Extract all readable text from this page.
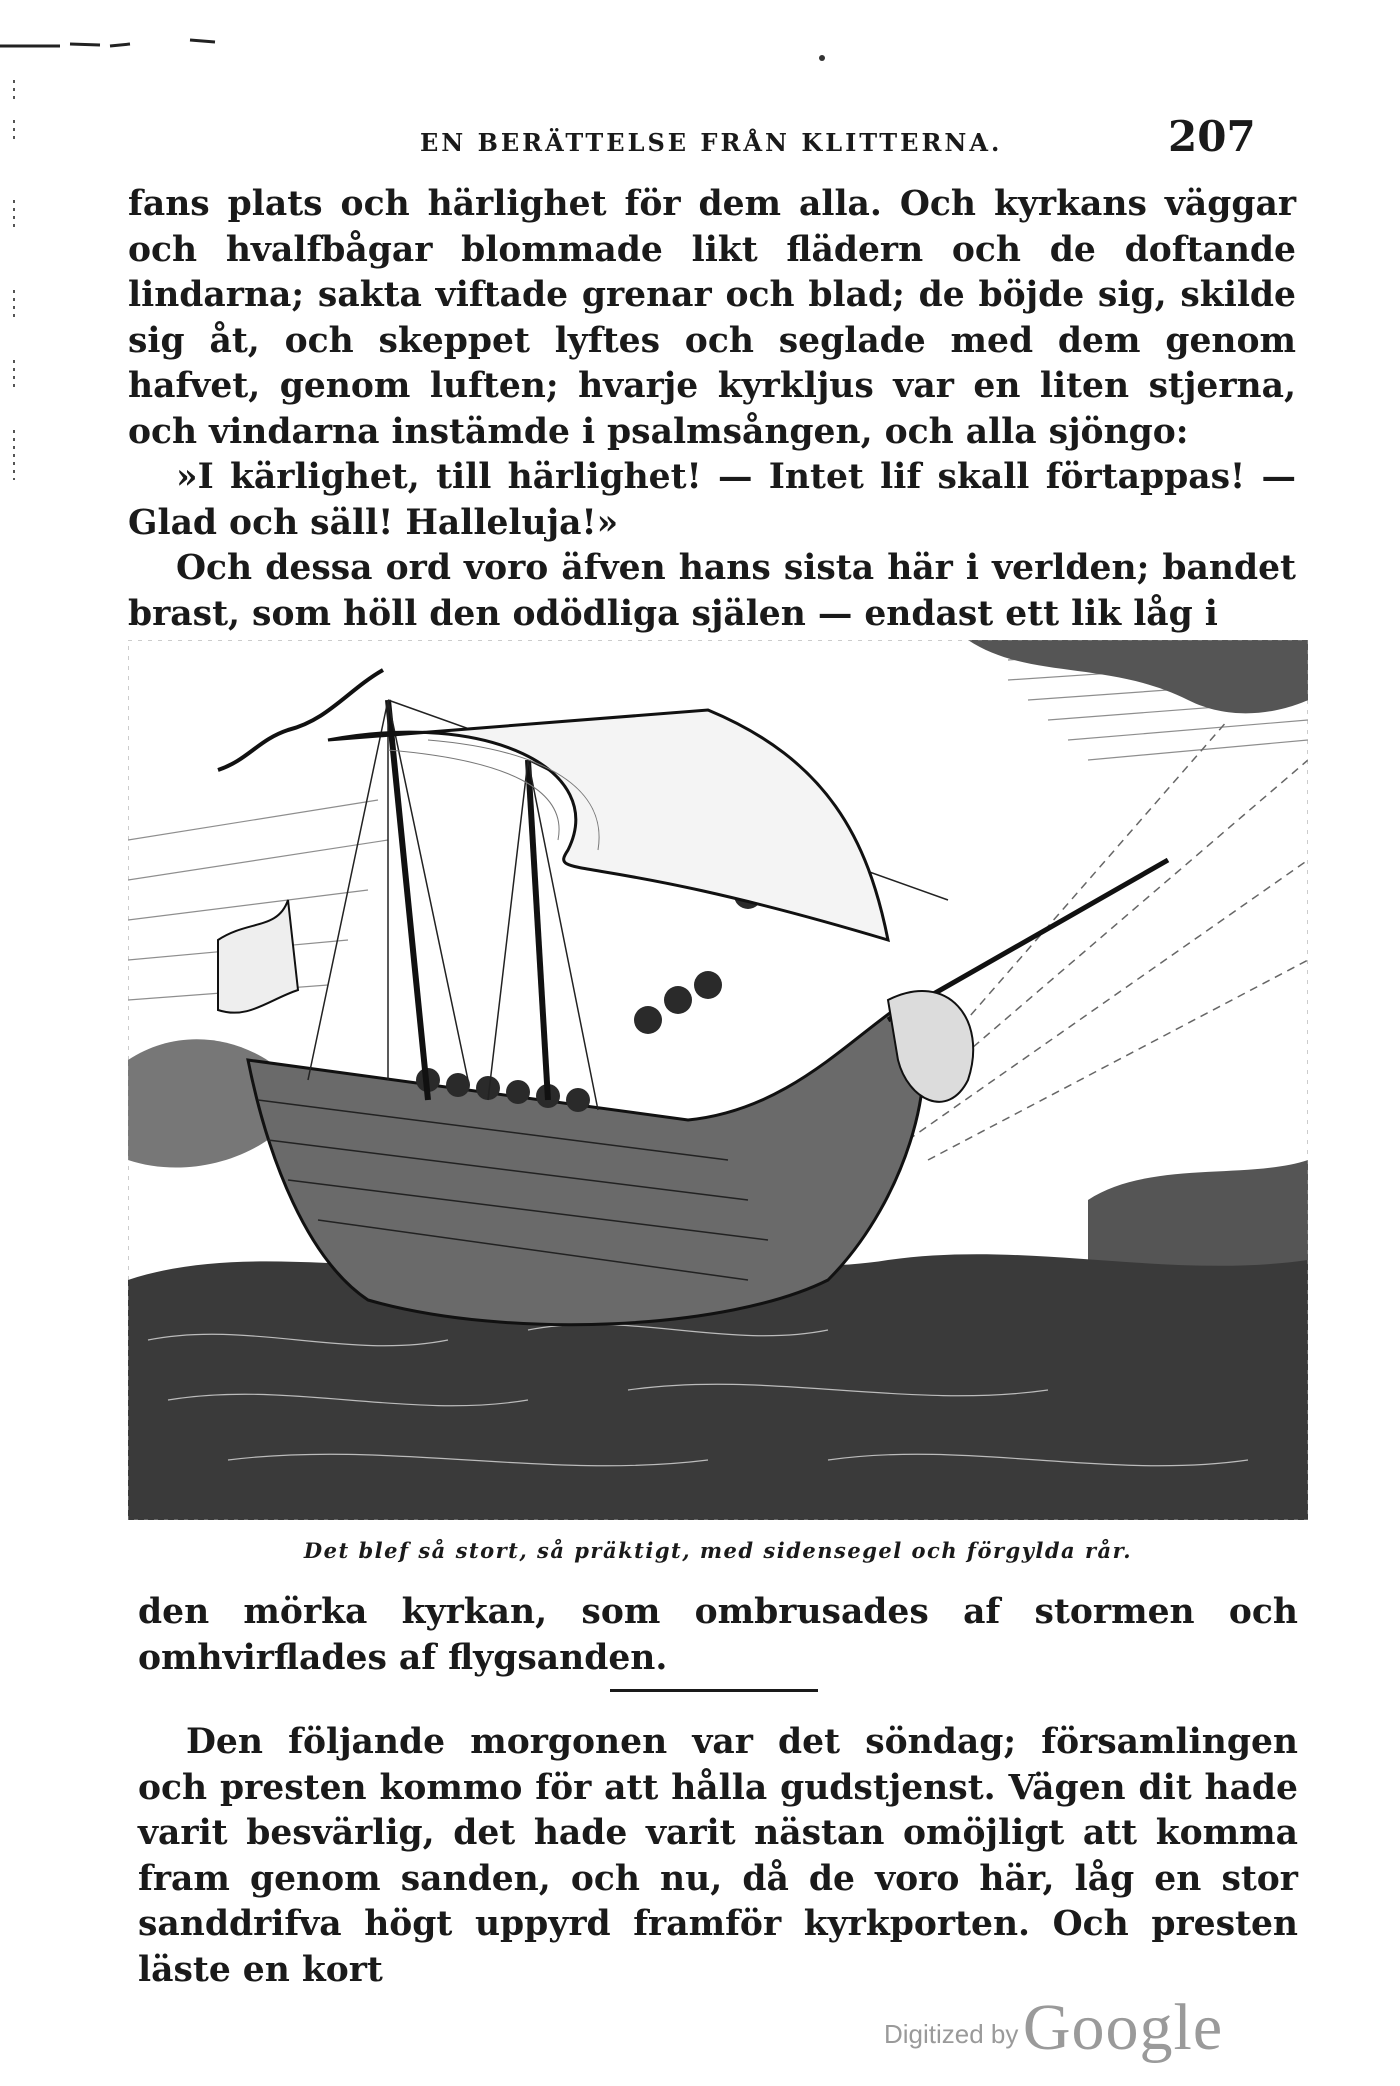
EN BERÄTTELSE FRÅN KLITTERNA.	207

fans plats och härlighet för dem alla. Och kyrkans väggar och hvalfbågar blommade likt flädern och de doftande lindarna; sakta viftade grenar och blad; de böjde sig, skilde sig åt, och skeppet lyftes och seglade med dem genom hafvet, genom luften; hvarje kyrkljus var en liten stjerna, och vindarna instämde i psalmsången, och alla sjöngo:

»I kärlighet, till härlighet! — Intet lif skall förtappas! — Glad och säll! Halleluja!»

Och dessa ord voro äfven hans sista här i verlden; bandet brast, som höll den odödliga själen — endast ett lik låg i

Det blef så stort, så präktigt, med sidensegel och förgylda rår.

den mörka kyrkan, som ombrusades af stormen och omhvirflades af flygsanden.

Den följande morgonen var det söndag; församlingen och presten kommo för att hålla gudstjenst. Vägen dit hade varit besvärlig, det hade varit nästan omöjligt att komma fram genom sanden, och nu, då de voro här, låg en stor sanddrifva högt uppyrd framför kyrkporten. Och presten läste en kort

Digitized by Google
